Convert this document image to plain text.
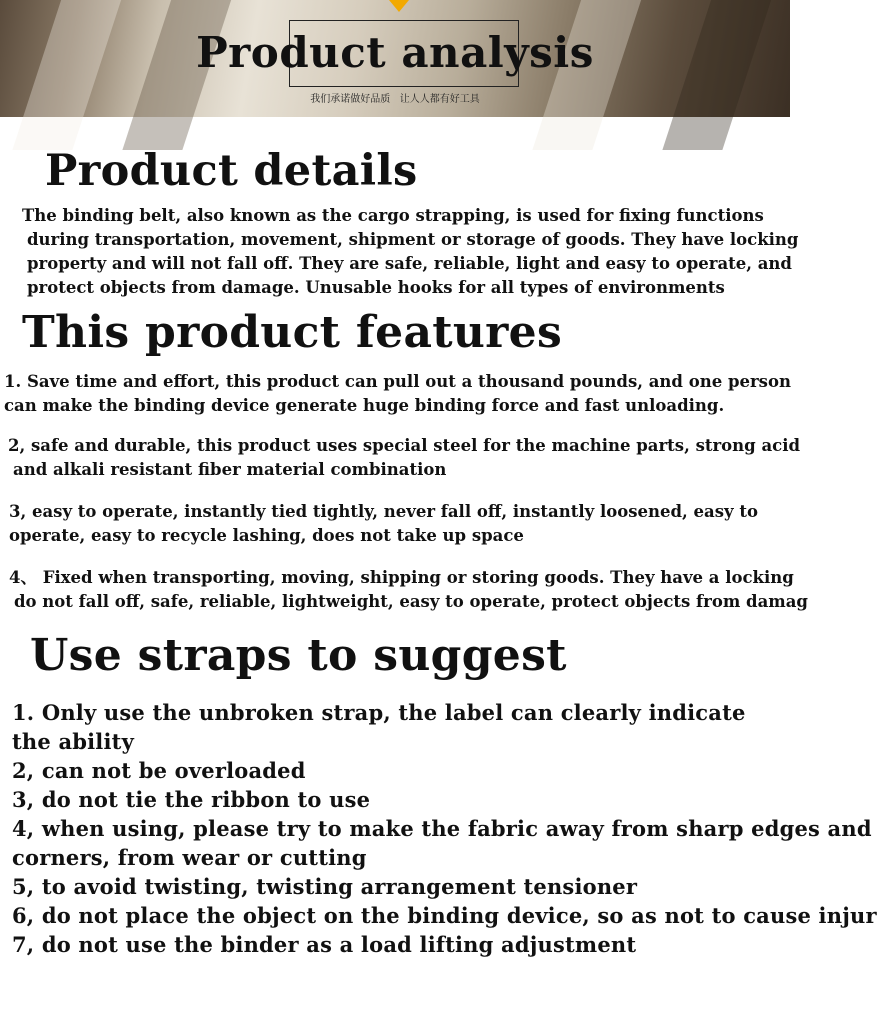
Product analysis
我们承诺做好品质   让人人都有好工具
Product details
The binding belt, also known as the cargo strapping, is used for fixing functions
during transportation, movement, shipment or storage of goods. They have locking
property and will not fall off. They are safe, reliable, light and easy to operate, and
protect objects from damage. Unusable hooks for all types of environments
This product features
1. Save time and effort, this product can pull out a thousand pounds, and one person
can make the binding device generate huge binding force and fast unloading.
2, safe and durable, this product uses special steel for the machine parts, strong acid
and alkali resistant fiber material combination
3, easy to operate, instantly tied tightly, never fall off, instantly loosened, easy to
operate, easy to recycle lashing, does not take up space
4、 Fixed when transporting, moving, shipping or storing goods. They have a locking
do not fall off, safe, reliable, lightweight, easy to operate, protect objects from damag
Use straps to suggest
1. Only use the unbroken strap, the label can clearly indicate
the ability
2, can not be overloaded
3, do not tie the ribbon to use
4, when using, please try to make the fabric away from sharp edges and
corners, from wear or cutting
5, to avoid twisting, twisting arrangement tensioner
6, do not place the object on the binding device, so as not to cause injur
7, do not use the binder as a load lifting adjustment
